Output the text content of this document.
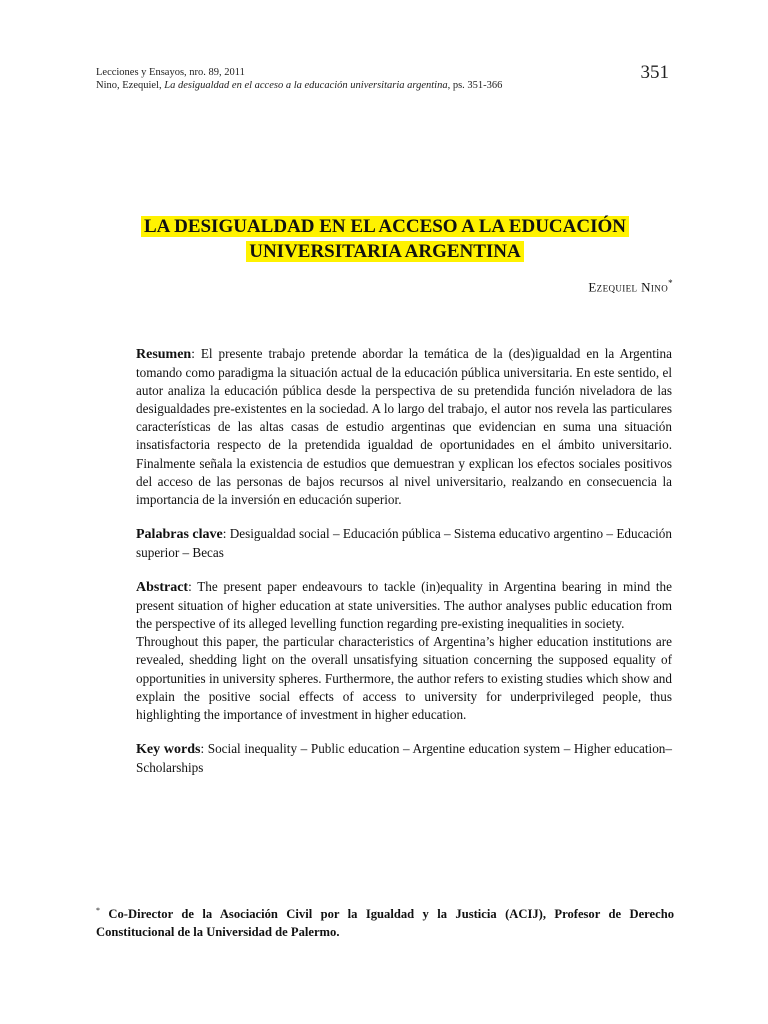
Lecciones y Ensayos, nro. 89, 2011
Nino, Ezequiel, La desigualdad en el acceso a la educación universitaria argentina, ps. 351-366
351
LA DESIGUALDAD EN EL ACCESO A LA EDUCACIÓN
UNIVERSITARIA ARGENTINA
Ezequiel Nino*

Resumen: El presente trabajo pretende abordar la temática de la (des)igualdad en la Argentina tomando como paradigma la situación actual de la educación pública universitaria. En este sentido, el autor analiza la educación pública desde la perspectiva de su pretendida función niveladora de las desigualdades pre-existentes en la sociedad. A lo largo del trabajo, el autor nos revela las particulares características de las altas casas de estudio argentinas que evidencian en suma una situación insatisfactoria respecto de la pretendida igualdad de oportunidades en el ámbito universitario. Finalmente señala la existencia de estudios que demuestran y explican los efectos sociales positivos del acceso de las personas de bajos recursos al nivel universitario, realzando en consecuencia la importancia de la inversión en educación superior.

Palabras clave: Desigualdad social – Educación pública – Sistema educativo argentino – Educación superior – Becas

Abstract: The present paper endeavours to tackle (in)equality in Argentina bearing in mind the present situation of higher education at state universities. The author analyses public education from the perspective of its alleged levelling function regarding pre-existing inequalities in society.

Throughout this paper, the particular characteristics of Argentina’s higher education institutions are revealed, shedding light on the overall unsatisfying situation concerning the supposed equality of opportunities in university spheres. Furthermore, the author refers to existing studies which show and explain the positive social effects of access to university for underprivileged people, thus highlighting the importance of investment in higher education.

Key words: Social inequality – Public education – Argentine education system – Higher education– Scholarships

* Co-Director de la Asociación Civil por la Igualdad y la Justicia (ACIJ), Profesor de Derecho Constitucional de la Universidad de Palermo.
